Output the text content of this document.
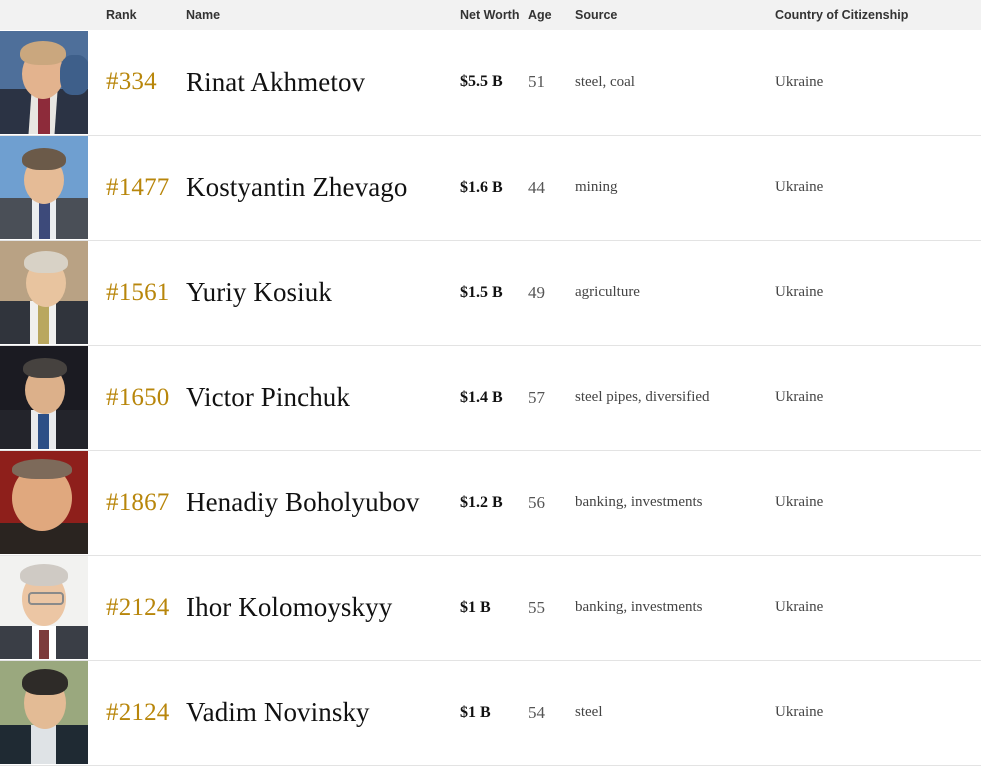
	Rank	Name	Net Worth	Age	Source	Country of Citizenship

	#334	Rinat Akhmetov	$5.5 B	51	steel, coal	Ukraine

	#1477	Kostyantin Zhevago	$1.6 B	44	mining	Ukraine

	#1561	Yuriy Kosiuk	$1.5 B	49	agriculture	Ukraine

	#1650	Victor Pinchuk	$1.4 B	57	steel pipes, diversified	Ukraine

	#1867	Henadiy Boholyubov	$1.2 B	56	banking, investments	Ukraine

	#2124	Ihor Kolomoyskyy	$1 B	55	banking, investments	Ukraine

	#2124	Vadim Novinsky	$1 B	54	steel	Ukraine
